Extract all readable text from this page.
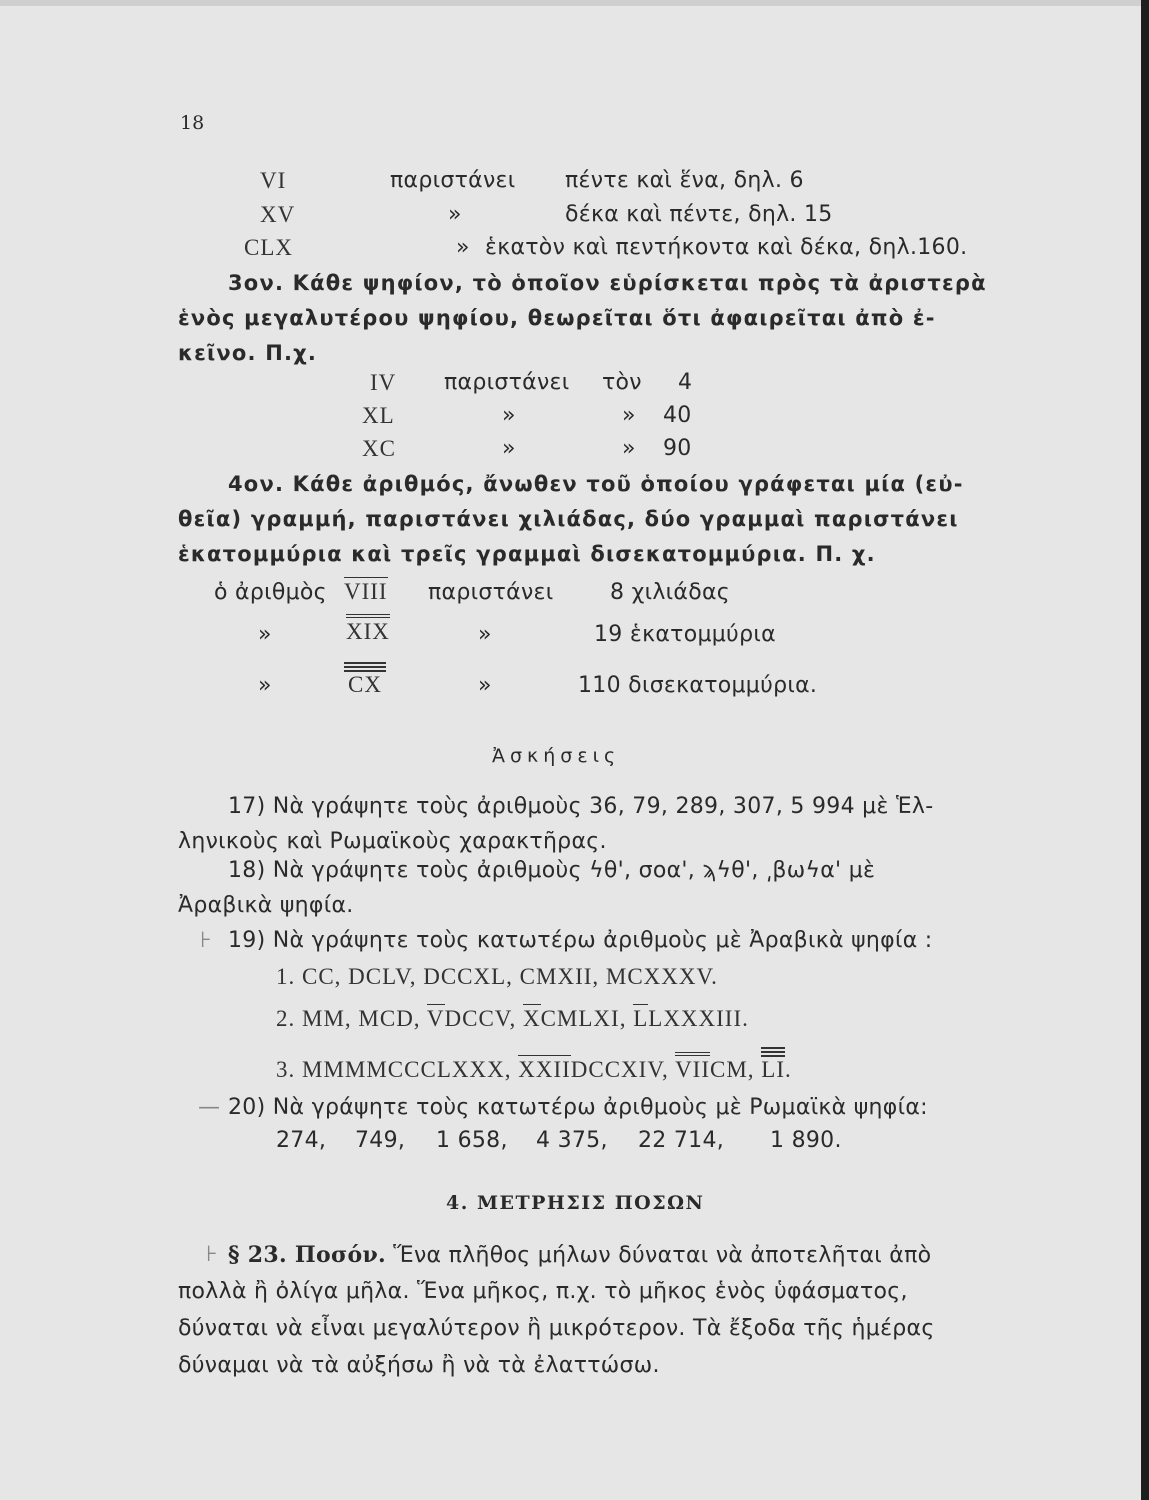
18
VI	παριστάνει πέντε καὶ ἕνα, δηλ. 6
XV	»	δέκα καὶ πέντε, δηλ. 15
CLX	» ἑκατὸν καὶ πεντήκοντα καὶ δέκα, δηλ.160.
3ον. Κάθε ψηφίον, τὸ ὁποῖον εὑρίσκεται πρὸς τὰ ἀριστερὰ
ἑνὸς μεγαλυτέρου ψηφίου, θεωρεῖται ὅτι ἀφαιρεῖται ἀπὸ ἐ-
κεῖνο. Π.χ.
IV παριστάνει τὸν 4
XL	»	» 40
XC	»	» 90
4ον. Κάθε ἀριθμός, ἄνωθεν τοῦ ὁποίου γράφεται μία (εὐ-
θεῖα) γραμμή, παριστάνει χιλιάδας, δύο γραμμαὶ παριστάνει
ἑκατομμύρια καὶ τρεῖς γραμμαὶ δισεκατομμύρια. Π. χ.
ὁ ἀριθμὸς VIII παριστάνει	8 χιλιάδας
»	XIX	»	19 ἑκατομμύρια
»	CX	»	110 δισεκατομμύρια.
Ἀσκήσεις
17) Νὰ γράψητε τοὺς ἀριθμοὺς 36, 79, 289, 307, 5 994 μὲ Ἑλ-
ληνικοὺς καὶ Ρωμαϊκοὺς χαρακτῆρας.
18) Νὰ γράψητε τοὺς ἀριθμοὺς ϟθ', σοα', ϡϟθ', ͵βωϟα' μὲ
Ἀραβικὰ ψηφία.
⊦ 19) Νὰ γράψητε τοὺς κατωτέρω ἀριθμοὺς μὲ Ἀραβικὰ ψηφία :
1. CC, DCLV, DCCXL, CMXII, MCXXXV.
2. MM, MCD, VDCCV, XCMLXI, LLXXXIII.
3. MMMMCCCLXXX, XXIIDCCXIV, VIICM, LI.
— 20) Νὰ γράψητε τοὺς κατωτέρω ἀριθμοὺς μὲ Ρωμαϊκὰ ψηφία:
274, 749, 1 658, 4 375, 22 714, 1 890.
4. ΜΕΤΡΗΣΙΣ ΠΟΣΩΝ
⊦ § 23. Ποσόν. Ἕνα πλῆθος μήλων δύναται νὰ ἀποτελῆται ἀπὸ
πολλὰ ἢ ὀλίγα μῆλα. Ἕνα μῆκος, π.χ. τὸ μῆκος ἑνὸς ὑφάσματος,
δύναται νὰ εἶναι μεγαλύτερον ἢ μικρότερον. Τὰ ἔξοδα τῆς ἡμέρας
δύναμαι νὰ τὰ αὐξήσω ἢ νὰ τὰ ἐλαττώσω.
